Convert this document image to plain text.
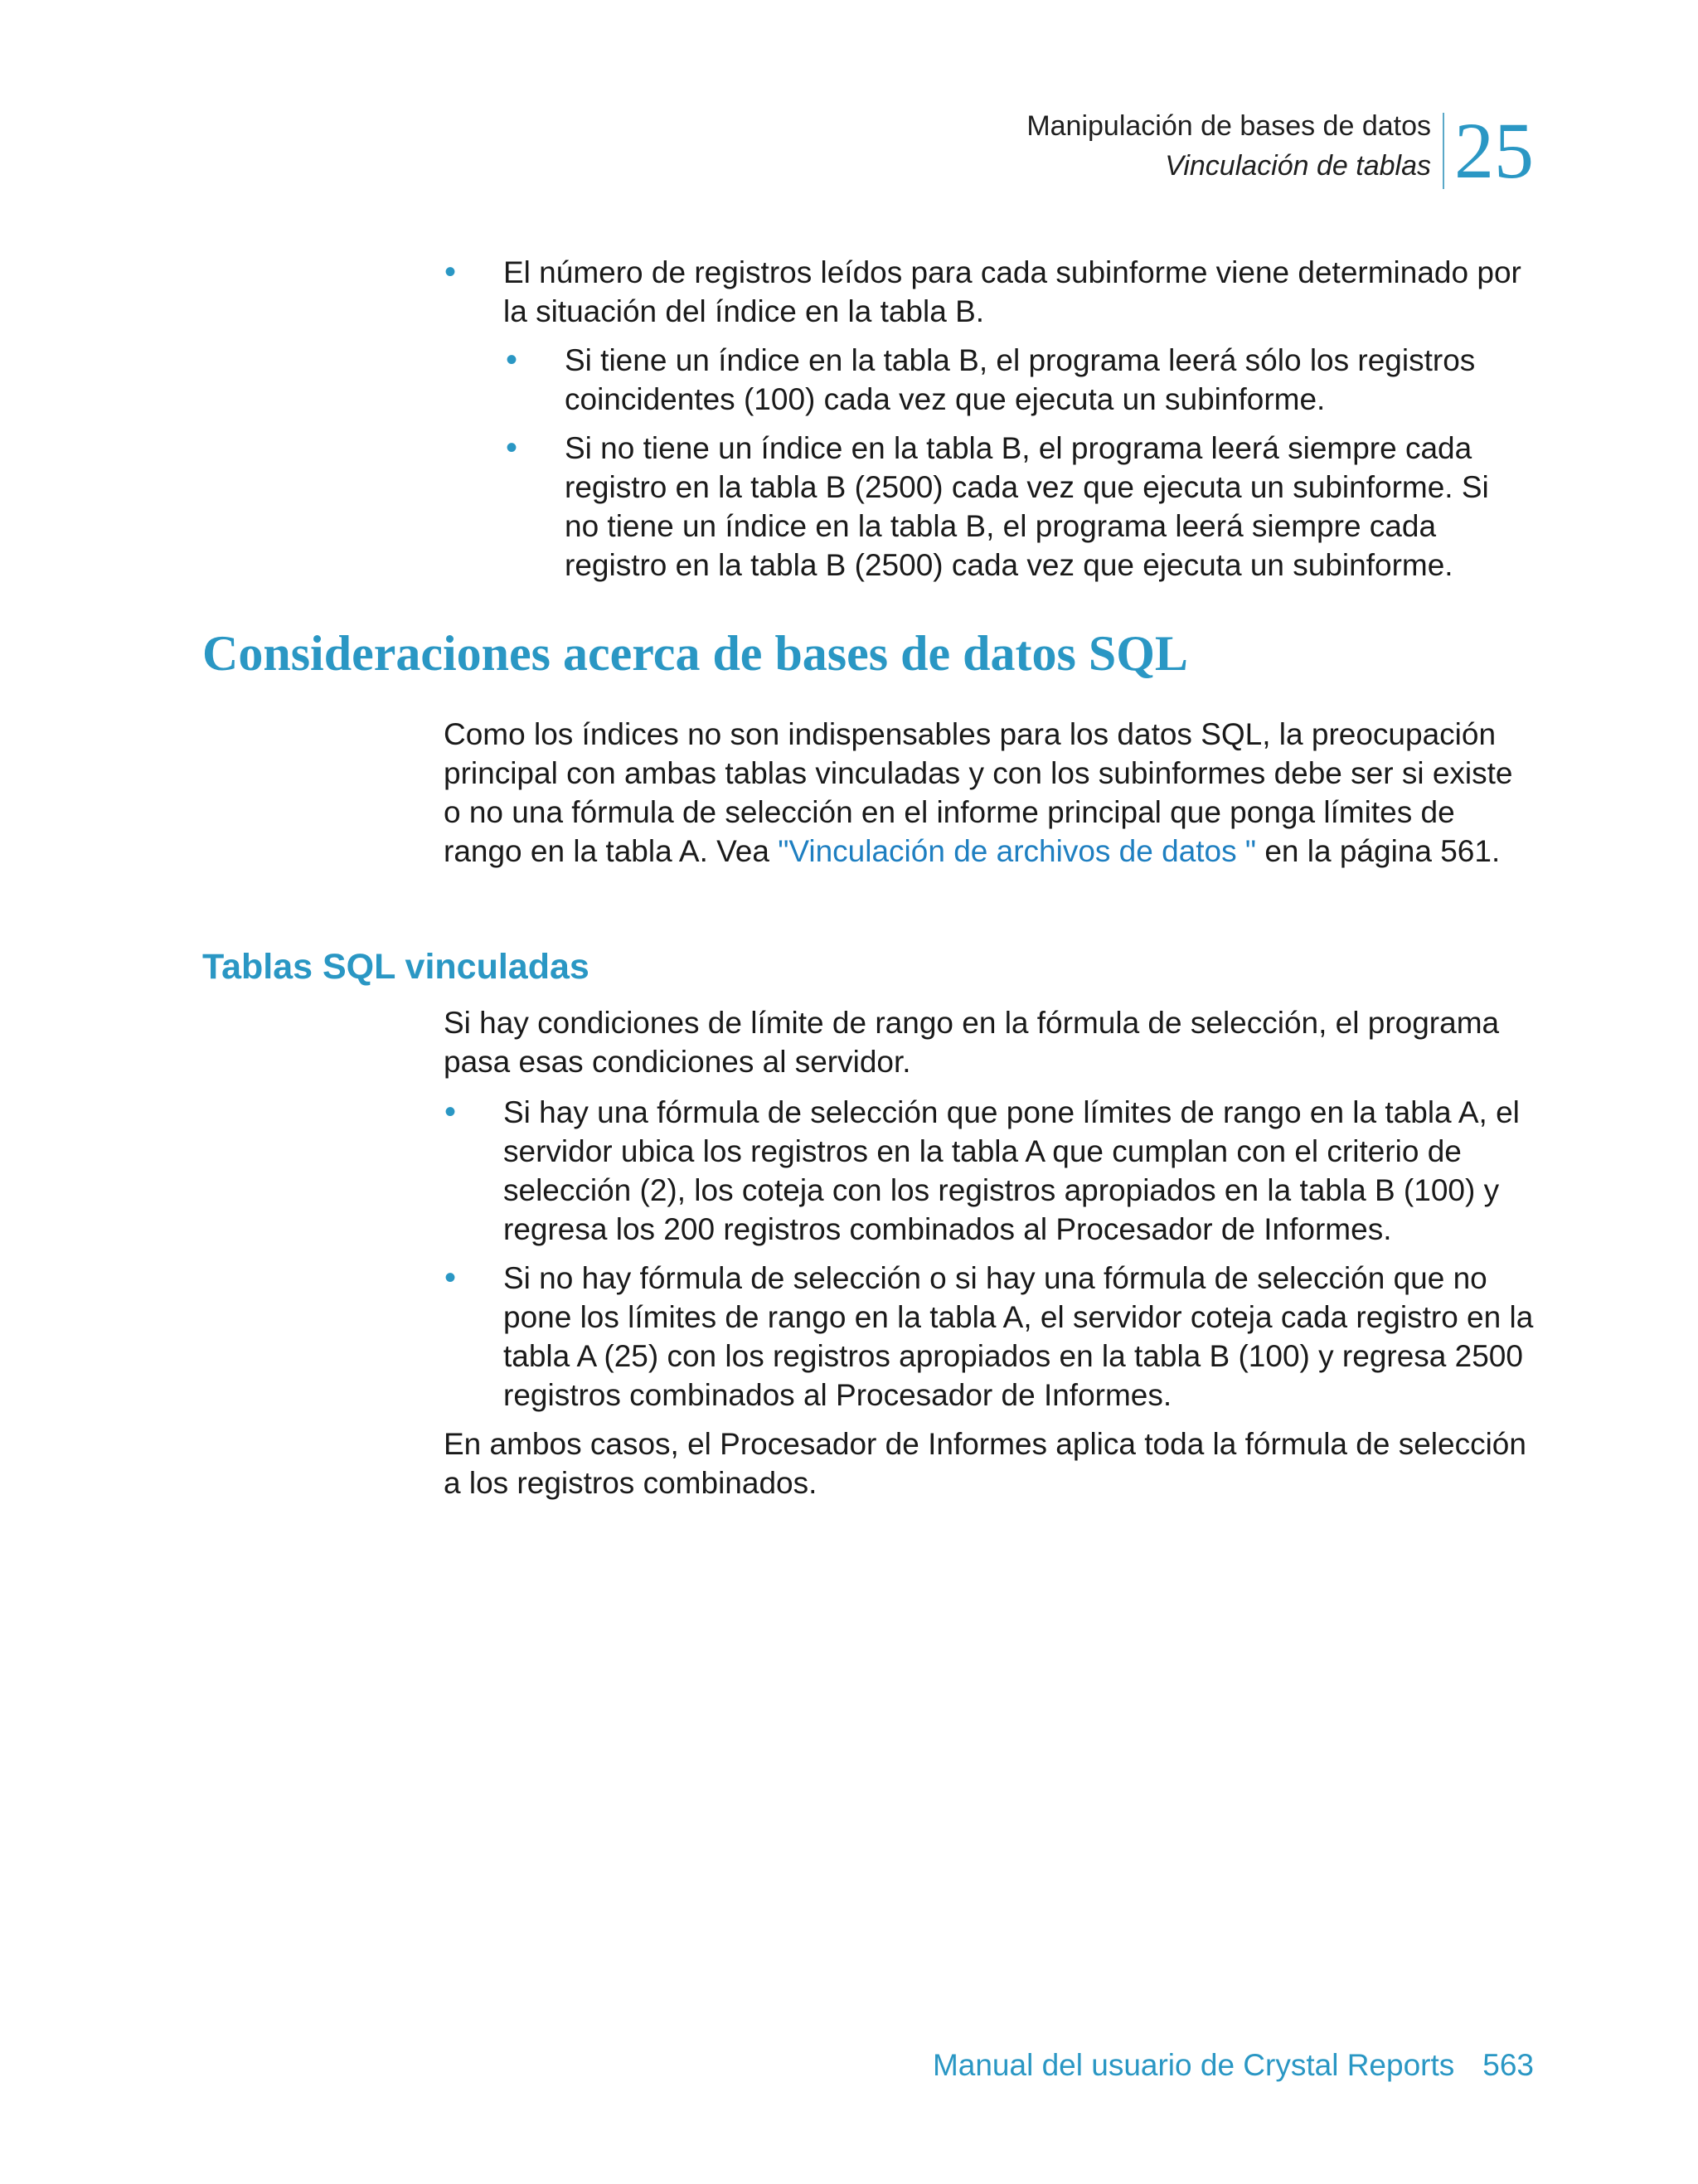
Manipulación de bases de datos
Vinculación de tablas 25
• El número de registros leídos para cada subinforme viene determinado por la situación del índice en la tabla B.
• Si tiene un índice en la tabla B, el programa leerá sólo los registros coincidentes (100) cada vez que ejecuta un subinforme.
• Si no tiene un índice en la tabla B, el programa leerá siempre cada registro en la tabla B (2500) cada vez que ejecuta un subinforme. Si no tiene un índice en la tabla B, el programa leerá siempre cada registro en la tabla B (2500) cada vez que ejecuta un subinforme.
Consideraciones acerca de bases de datos SQL

Como los índices no son indispensables para los datos SQL, la preocupación principal con ambas tablas vinculadas y con los subinformes debe ser si existe o no una fórmula de selección en el informe principal que ponga límites de rango en la tabla A. Vea "Vinculación de archivos de datos " en la página 561.

Tablas SQL vinculadas

Si hay condiciones de límite de rango en la fórmula de selección, el programa pasa esas condiciones al servidor.

• Si hay una fórmula de selección que pone límites de rango en la tabla A, el servidor ubica los registros en la tabla A que cumplan con el criterio de selección (2), los coteja con los registros apropiados en la tabla B (100) y regresa los 200 registros combinados al Procesador de Informes.
• Si no hay fórmula de selección o si hay una fórmula de selección que no pone los límites de rango en la tabla A, el servidor coteja cada registro en la tabla A (25) con los registros apropiados en la tabla B (100) y regresa 2500 registros combinados al Procesador de Informes.

En ambos casos, el Procesador de Informes aplica toda la fórmula de selección a los registros combinados.

Manual del usuario de Crystal Reports 563
